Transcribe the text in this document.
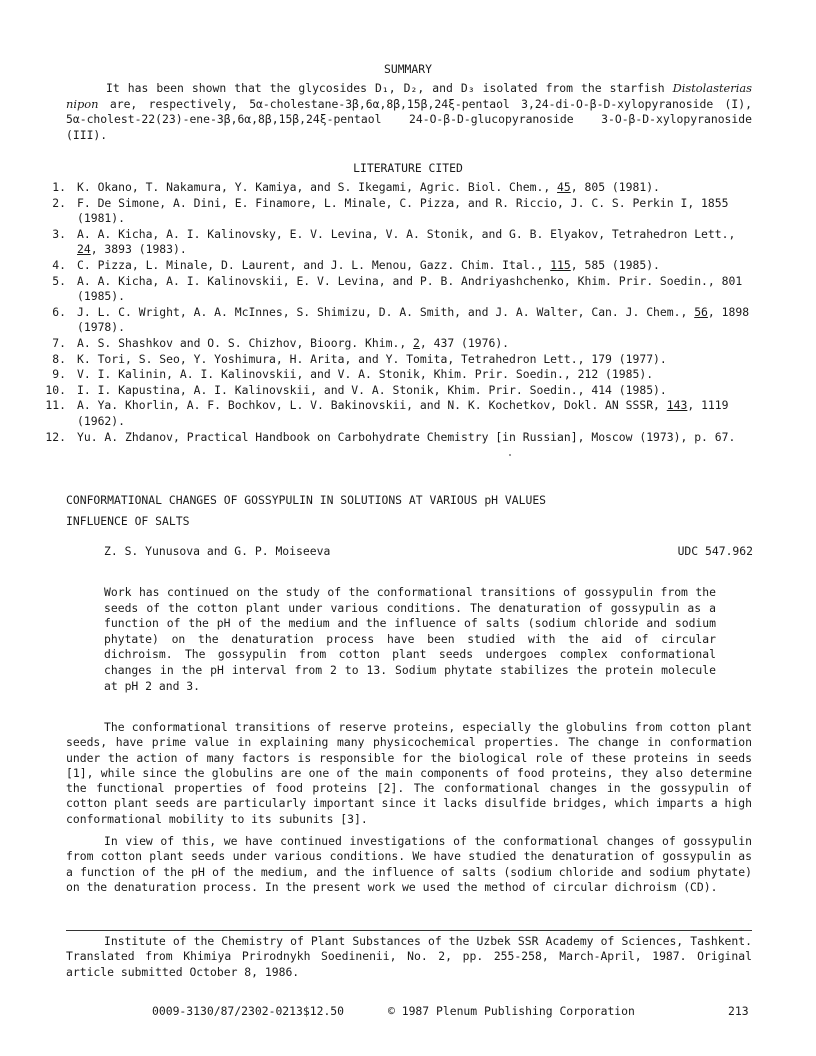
SUMMARY

It has been shown that the glycosides D₁, D₂, and D₃ isolated from the starfish Distolasterias nipon are, respectively, 5α-cholestane-3β,6α,8β,15β,24ξ-pentaol 3,24-di-O-β-D-xylopyranoside (I), 5α-cholest-22(23)-ene-3β,6α,8β,15β,24ξ-pentaol 24-O-β-D-glucopyranoside 3-O-β-D-xylopyranoside (III).

LITERATURE CITED
1. K. Okano, T. Nakamura, Y. Kamiya, and S. Ikegami, Agric. Biol. Chem., 45, 805 (1981).
2. F. De Simone, A. Dini, E. Finamore, L. Minale, C. Pizza, and R. Riccio, J. C. S. Perkin I, 1855 (1981).
3. A. A. Kicha, A. I. Kalinovsky, E. V. Levina, V. A. Stonik, and G. B. Elyakov, Tetrahedron Lett., 24, 3893 (1983).
4. C. Pizza, L. Minale, D. Laurent, and J. L. Menou, Gazz. Chim. Ital., 115, 585 (1985).
5. A. A. Kicha, A. I. Kalinovskii, E. V. Levina, and P. B. Andriyashchenko, Khim. Prir. Soedin., 801 (1985).
6. J. L. C. Wright, A. A. McInnes, S. Shimizu, D. A. Smith, and J. A. Walter, Can. J. Chem., 56, 1898 (1978).
7. A. S. Shashkov and O. S. Chizhov, Bioorg. Khim., 2, 437 (1976).
8. K. Tori, S. Seo, Y. Yoshimura, H. Arita, and Y. Tomita, Tetrahedron Lett., 179 (1977).
9. V. I. Kalinin, A. I. Kalinovskii, and V. A. Stonik, Khim. Prir. Soedin., 212 (1985).
10. I. I. Kapustina, A. I. Kalinovskii, and V. A. Stonik, Khim. Prir. Soedin., 414 (1985).
11. A. Ya. Khorlin, A. F. Bochkov, L. V. Bakinovskii, and N. K. Kochetkov, Dokl. AN SSSR, 143, 1119 (1962).
12. Yu. A. Zhdanov, Practical Handbook on Carbohydrate Chemistry [in Russian], Moscow (1973), p. 67.
CONFORMATIONAL CHANGES OF GOSSYPULIN IN SOLUTIONS AT VARIOUS pH VALUES
INFLUENCE OF SALTS
Z. S. Yunusova and G. P. Moiseeva	UDC 547.962

Work has continued on the study of the conformational transitions of gossypulin from the seeds of the cotton plant under various conditions. The denaturation of gossypulin as a function of the pH of the medium and the influence of salts (sodium chloride and sodium phytate) on the denaturation process have been studied with the aid of circular dichroism. The gossypulin from cotton plant seeds undergoes complex conformational changes in the pH interval from 2 to 13. Sodium phytate stabilizes the protein molecule at pH 2 and 3.

The conformational transitions of reserve proteins, especially the globulins from cotton plant seeds, have prime value in explaining many physicochemical properties. The change in conformation under the action of many factors is responsible for the biological role of these proteins in seeds [1], while since the globulins are one of the main components of food proteins, they also determine the functional properties of food proteins [2]. The conformational changes in the gossypulin of cotton plant seeds are particularly important since it lacks disulfide bridges, which imparts a high conformational mobility to its subunits [3].

In view of this, we have continued investigations of the conformational changes of gossypulin from cotton plant seeds under various conditions. We have studied the denaturation of gossypulin as a function of the pH of the medium, and the influence of salts (sodium chloride and sodium phytate) on the denaturation process. In the present work we used the method of circular dichroism (CD).

Institute of the Chemistry of Plant Substances of the Uzbek SSR Academy of Sciences, Tashkent. Translated from Khimiya Prirodnykh Soedinenii, No. 2, pp. 255-258, March-April, 1987. Original article submitted October 8, 1986.

0009-3130/87/2302-0213$12.50	© 1987 Plenum Publishing Corporation	213
